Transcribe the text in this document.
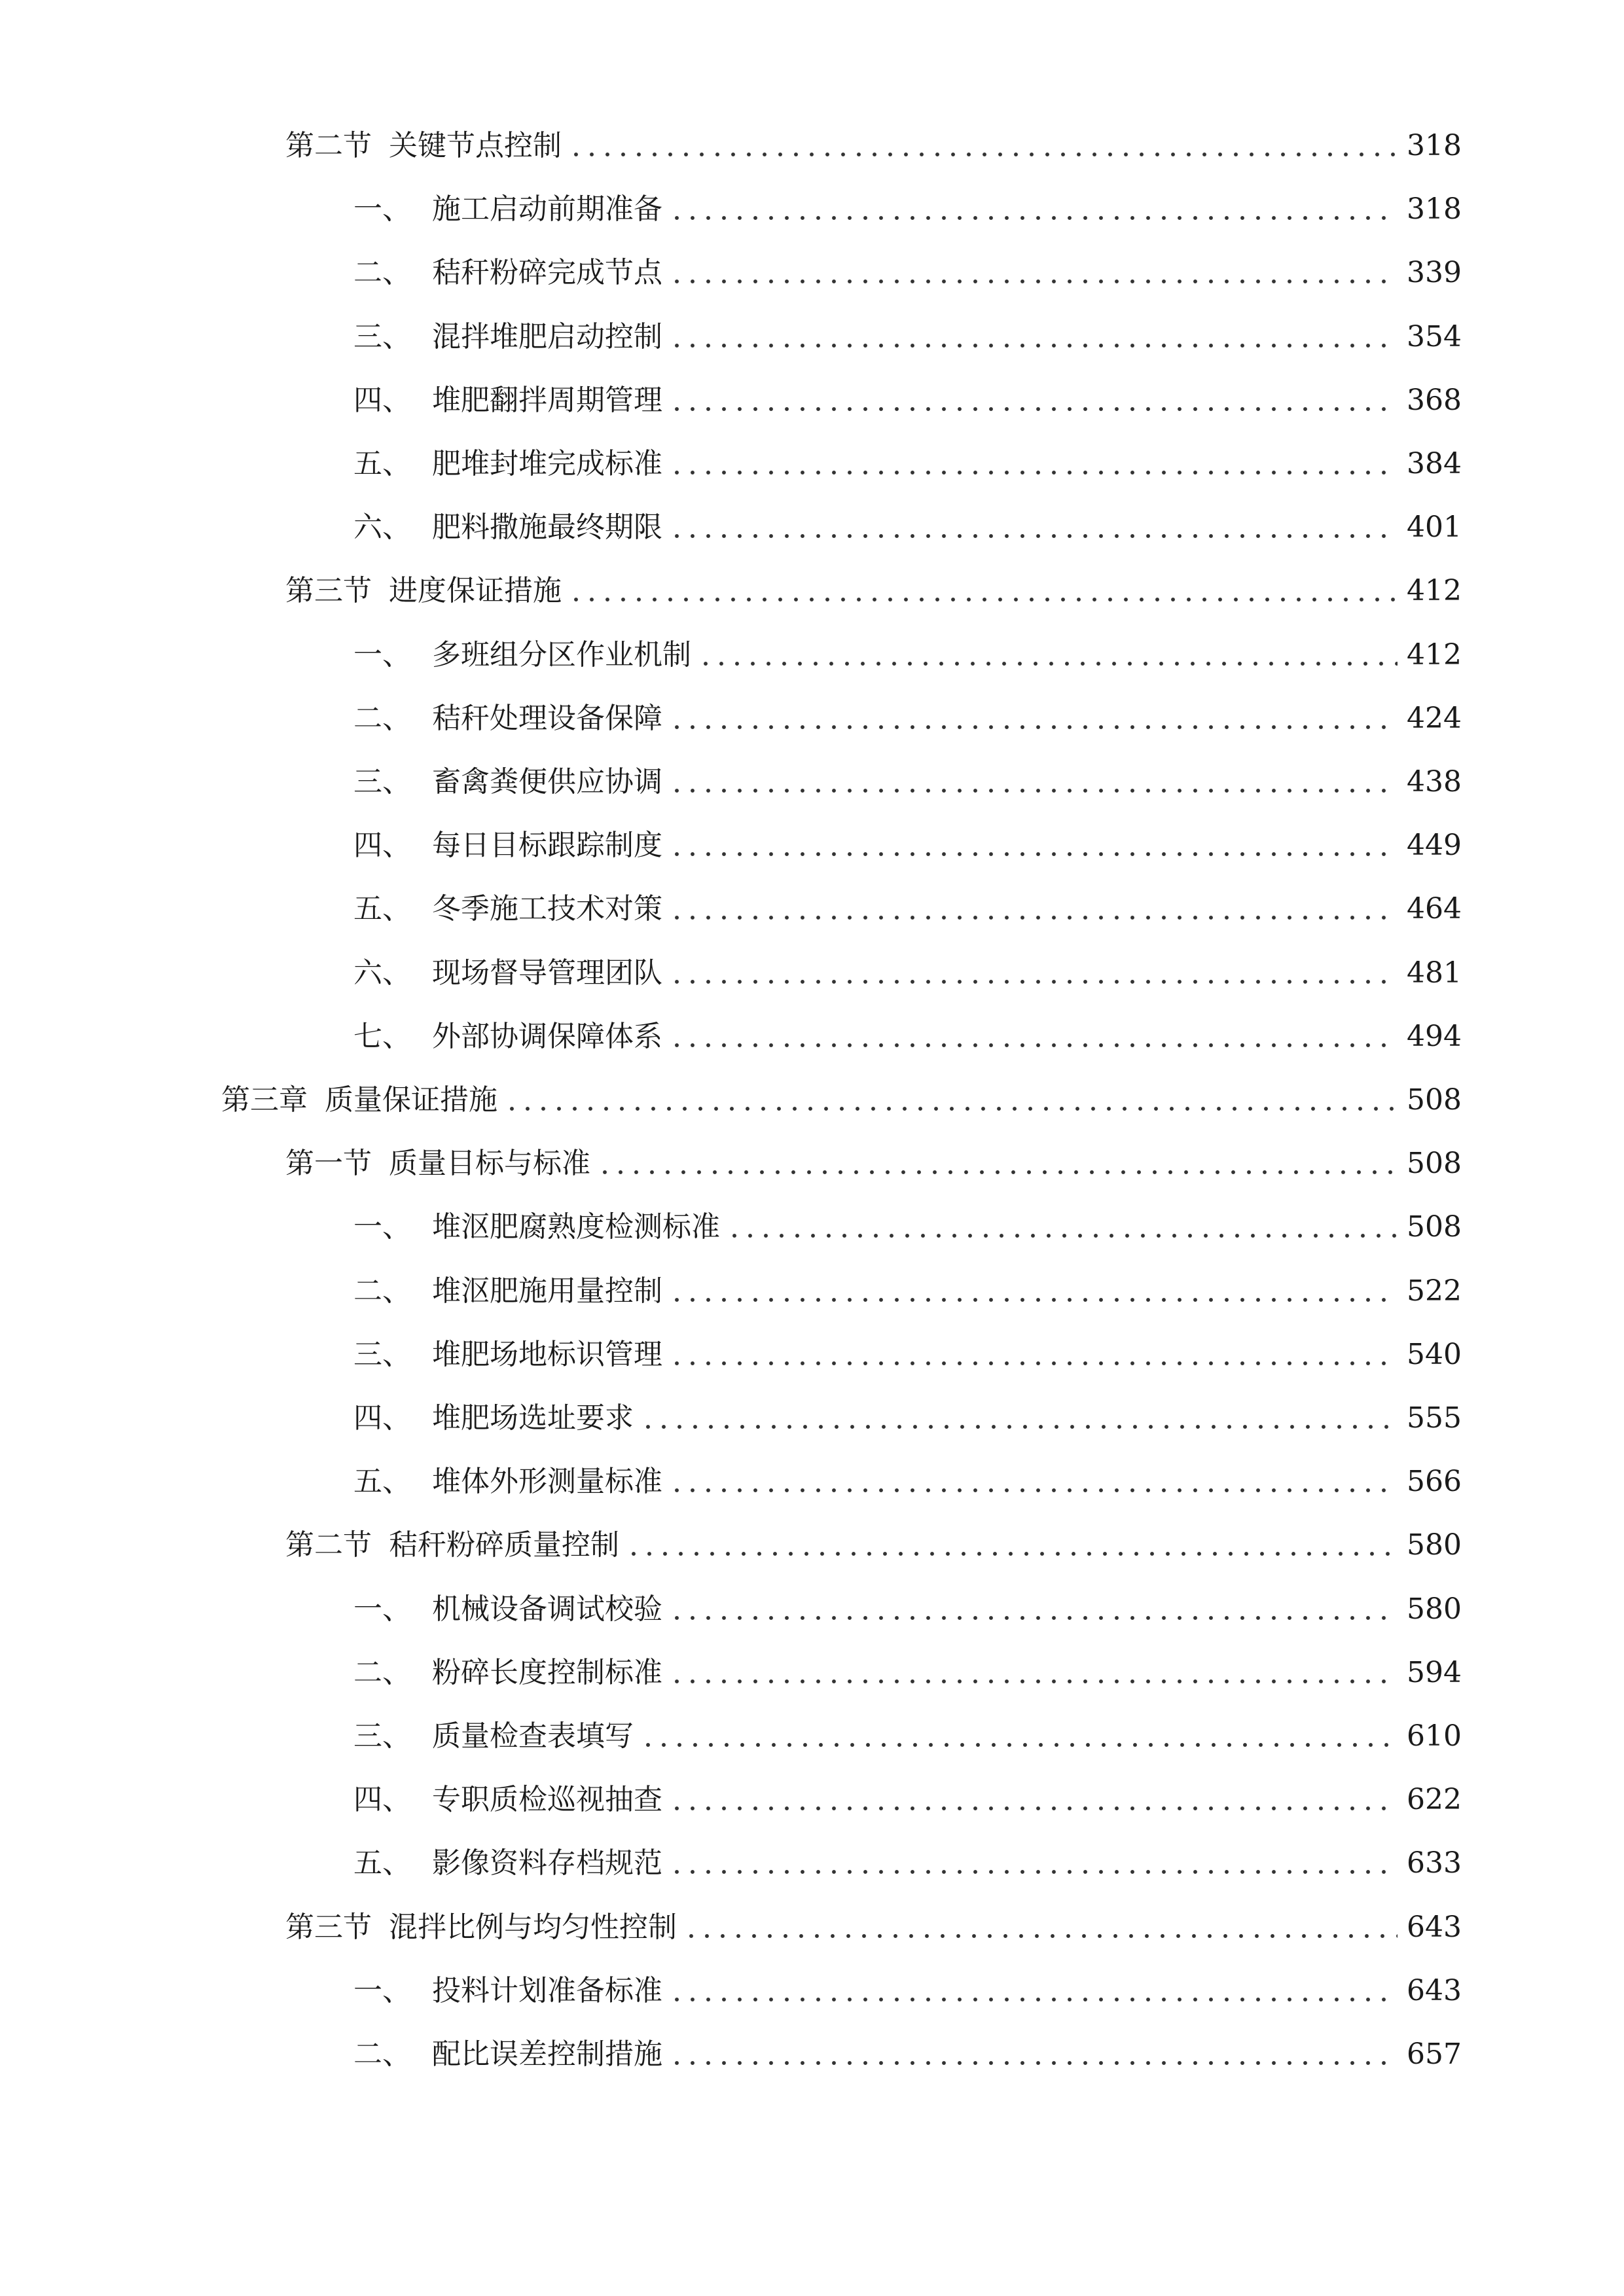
第二节 关键节点控制	318
一、 施工启动前期准备	318
二、 秸秆粉碎完成节点	339
三、 混拌堆肥启动控制	354
四、 堆肥翻拌周期管理	368
五、 肥堆封堆完成标准	384
六、 肥料撒施最终期限	401
第三节 进度保证措施	412
一、 多班组分区作业机制	412
二、 秸秆处理设备保障	424
三、 畜禽粪便供应协调	438
四、 每日目标跟踪制度	449
五、 冬季施工技术对策	464
六、 现场督导管理团队	481
七、 外部协调保障体系	494
第三章 质量保证措施	508
第一节 质量目标与标准	508
一、 堆沤肥腐熟度检测标准	508
二、 堆沤肥施用量控制	522
三、 堆肥场地标识管理	540
四、 堆肥场选址要求	555
五、 堆体外形测量标准	566
第二节 秸秆粉碎质量控制	580
一、 机械设备调试校验	580
二、 粉碎长度控制标准	594
三、 质量检查表填写	610
四、 专职质检巡视抽查	622
五、 影像资料存档规范	633
第三节 混拌比例与均匀性控制	643
一、 投料计划准备标准	643
二、 配比误差控制措施	657
